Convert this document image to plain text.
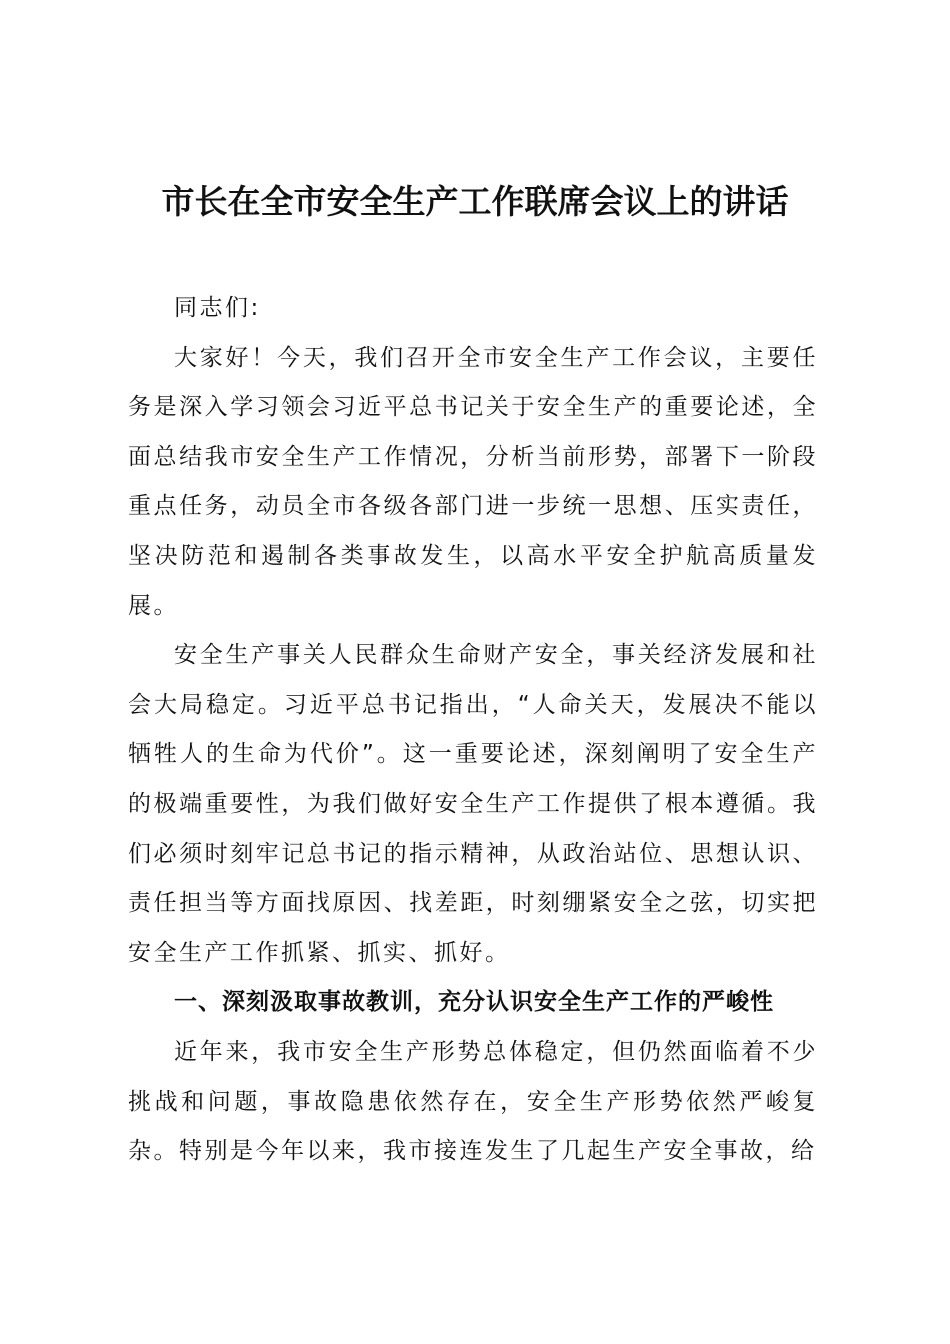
市长在全市安全生产工作联席会议上的讲话

同志们:

大家好！今天，我们召开全市安全生产工作会议，主要任务是深入学习领会习近平总书记关于安全生产的重要论述，全面总结我市安全生产工作情况，分析当前形势，部署下一阶段重点任务，动员全市各级各部门进一步统一思想、压实责任，坚决防范和遏制各类事故发生，以高水平安全护航高质量发展。

安全生产事关人民群众生命财产安全，事关经济发展和社会大局稳定。习近平总书记指出，“人命关天，发展决不能以牺牲人的生命为代价”。这一重要论述，深刻阐明了安全生产的极端重要性，为我们做好安全生产工作提供了根本遵循。我们必须时刻牢记总书记的指示精神，从政治站位、思想认识、责任担当等方面找原因、找差距，时刻绷紧安全之弦，切实把安全生产工作抓紧、抓实、抓好。

一、深刻汲取事故教训，充分认识安全生产工作的严峻性

近年来，我市安全生产形势总体稳定，但仍然面临着不少挑战和问题，事故隐患依然存在，安全生产形势依然严峻复杂。特别是今年以来，我市接连发生了几起生产安全事故，给
